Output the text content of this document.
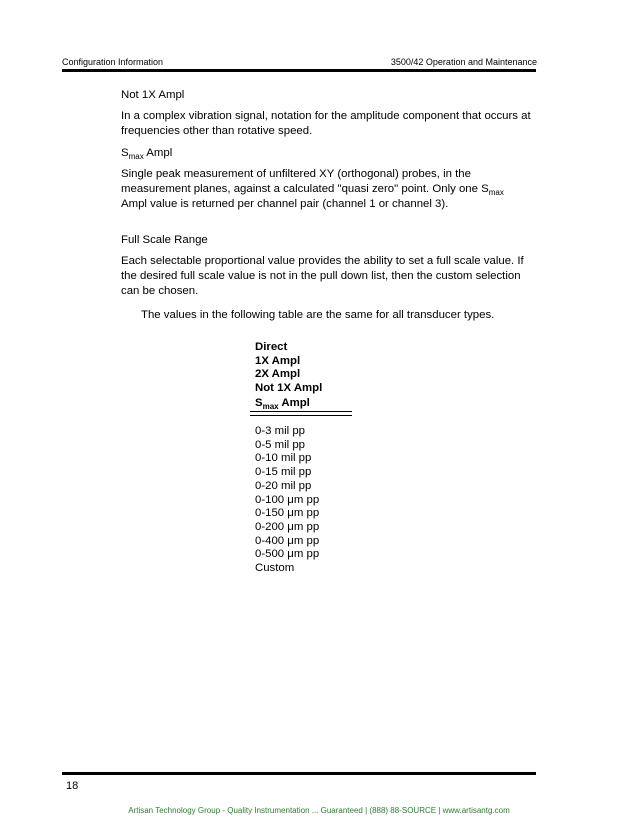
Configuration Information	3500/42 Operation and Maintenance

Not 1X Ampl

In a complex vibration signal, notation for the amplitude component that occurs at frequencies other than rotative speed.

$S_{max}$ Ampl

Single peak measurement of unfiltered XY (orthogonal) probes, in the measurement planes, against a calculated "quasi zero" point. Only one $S_{max}$ Ampl value is returned per channel pair (channel 1 or channel 3).

Full Scale Range

Each selectable proportional value provides the ability to set a full scale value. If the desired full scale value is not in the pull down list, then the custom selection can be chosen.

The values in the following table are the same for all transducer types.
Direct
1X Ampl
2X Ampl
Not 1X Ampl
$S_{max}$ Ampl
0-3 mil pp
0-5 mil pp
0-10 mil pp
0-15 mil pp
0-20 mil pp
0-100 μm pp
0-150 μm pp
0-200 μm pp
0-400 μm pp
0-500 μm pp
Custom
18
Artisan Technology Group - Quality Instrumentation ... Guaranteed | (888) 88-SOURCE | www.artisantg.com
